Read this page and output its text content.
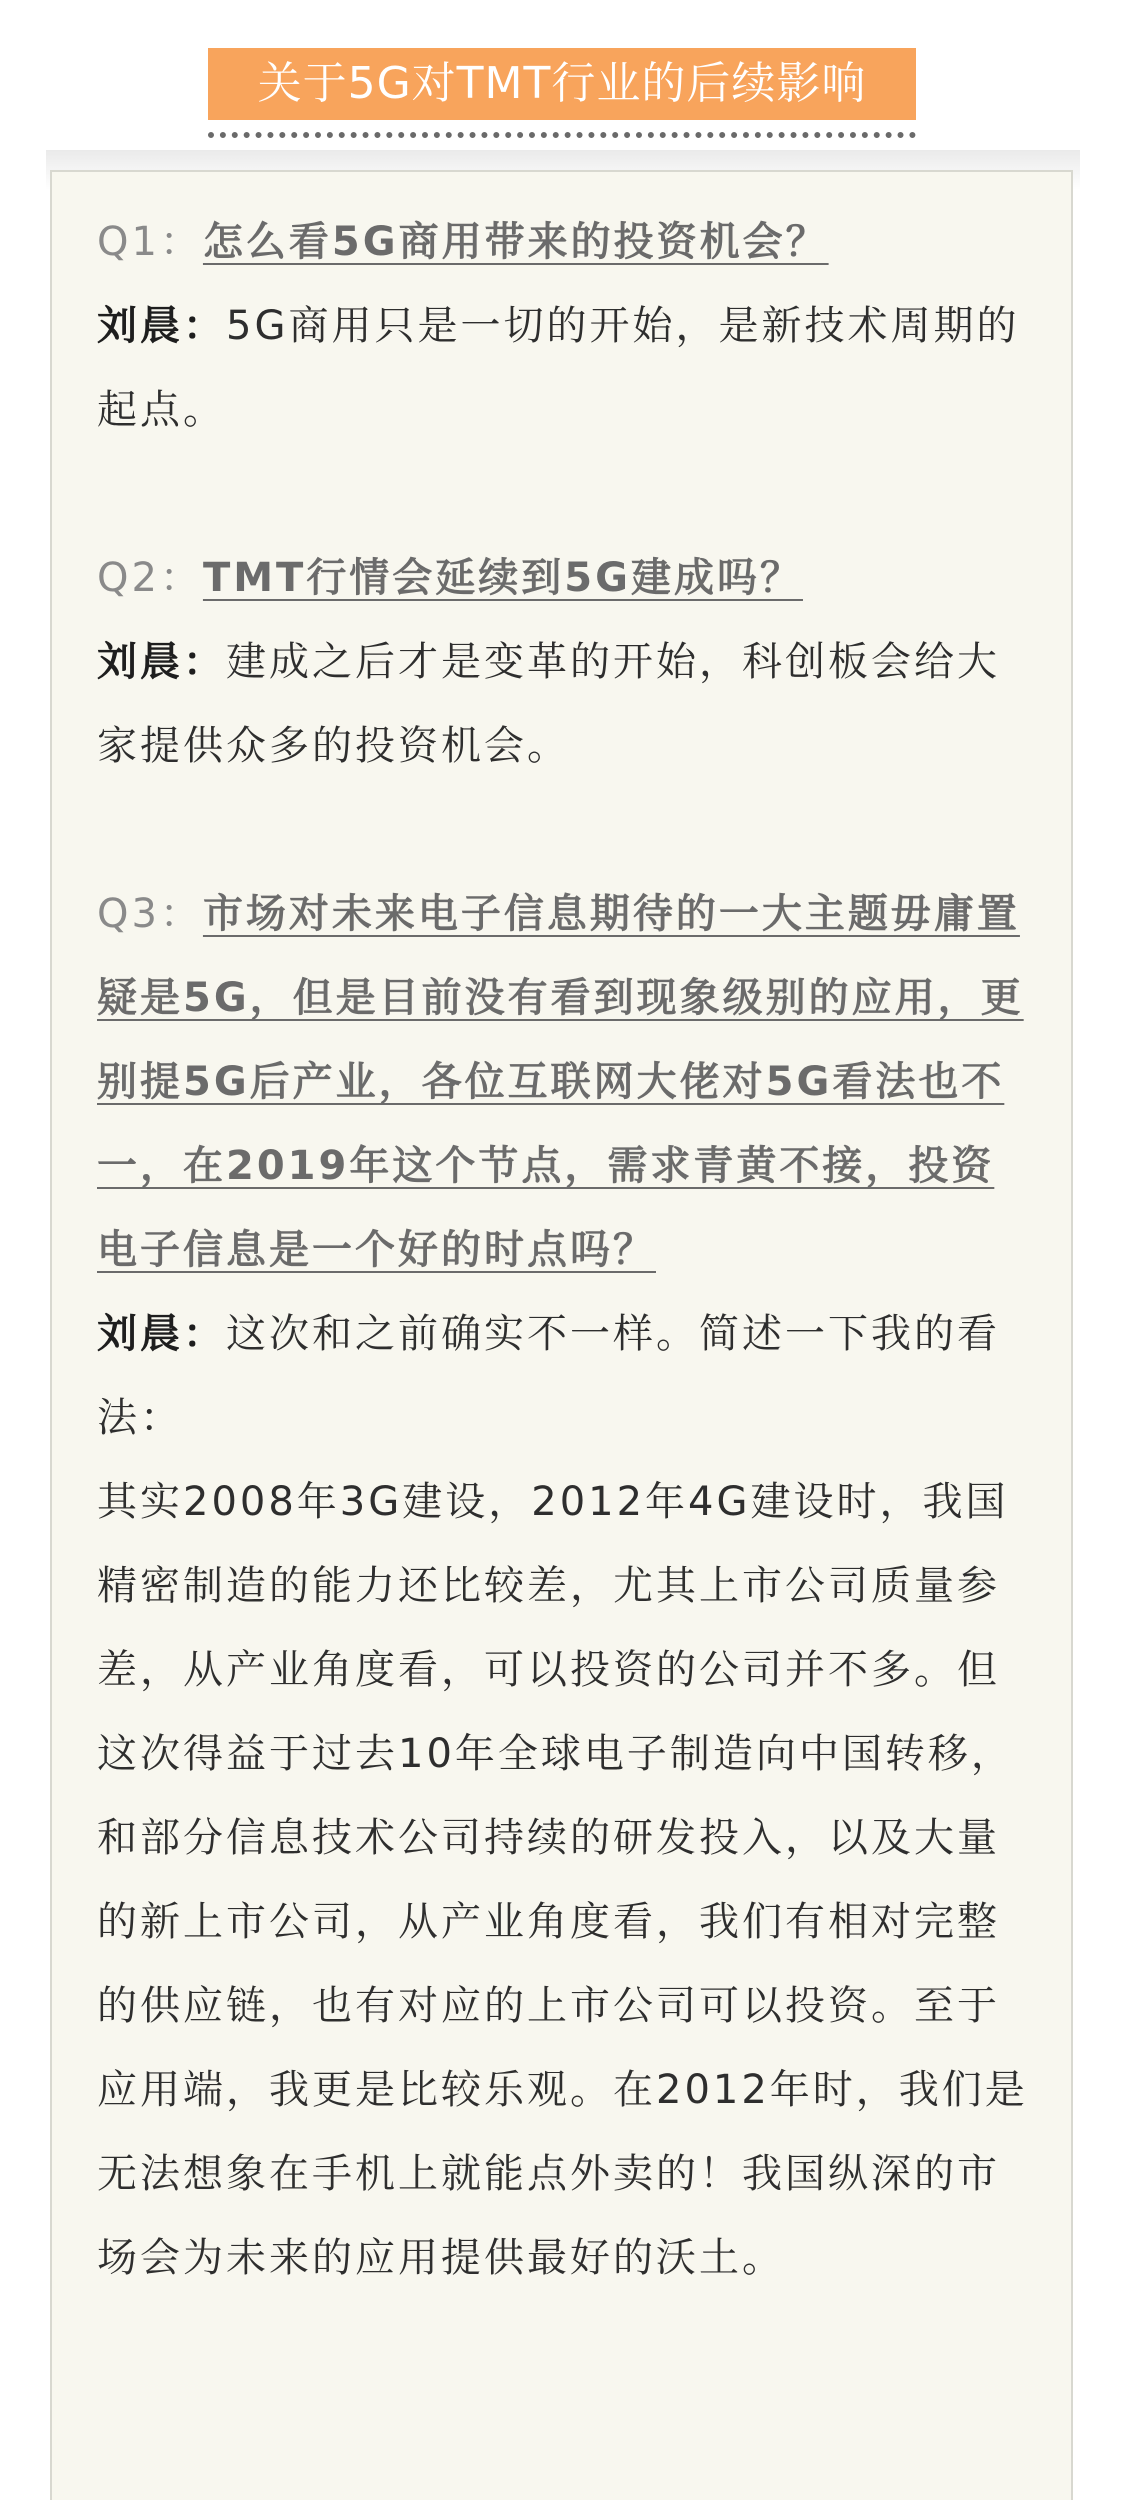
关于5G对TMT行业的后续影响

Q1：怎么看5G商用带来的投资机会？

刘晨：5G商用只是一切的开始，是新技术周期的起点。

Q2：TMT行情会延续到5G建成吗？

刘晨：建成之后才是变革的开始，科创板会给大家提供众多的投资机会。

Q3：市场对未来电子信息期待的一大主题毋庸置疑是5G，但是目前没有看到现象级别的应用，更别提5G后产业，各位互联网大佬对5G看法也不一，在2019年这个节点，需求青黄不接，投资电子信息是一个好的时点吗？

刘晨：这次和之前确实不一样。简述一下我的看法：

其实2008年3G建设，2012年4G建设时，我国精密制造的能力还比较差，尤其上市公司质量参差，从产业角度看，可以投资的公司并不多。但这次得益于过去10年全球电子制造向中国转移，和部分信息技术公司持续的研发投入，以及大量的新上市公司，从产业角度看，我们有相对完整的供应链，也有对应的上市公司可以投资。至于应用端，我更是比较乐观。在2012年时，我们是无法想象在手机上就能点外卖的！我国纵深的市场会为未来的应用提供最好的沃土。
